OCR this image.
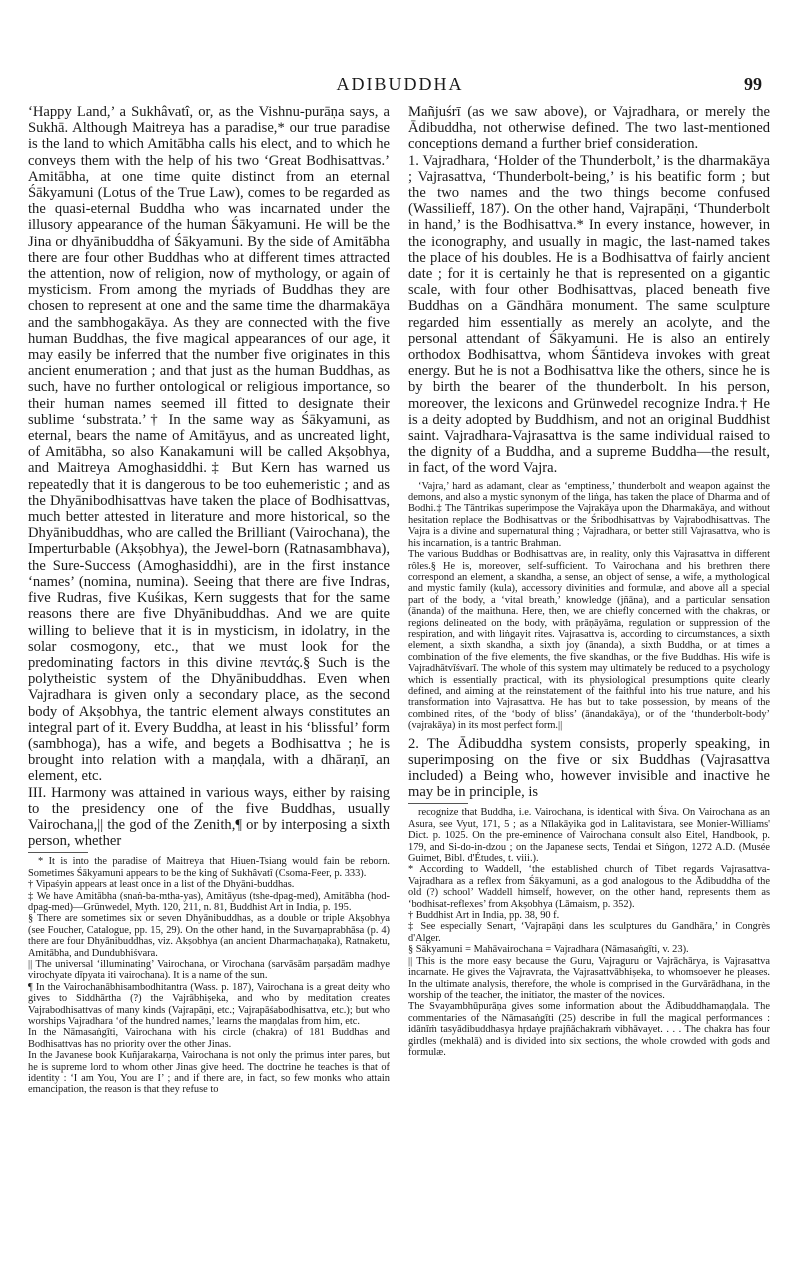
ADIBUDDHA	99

‘Happy Land,’ a Sukhâvatî, or, as the Vishnu-purāṇa says, a Sukhā. Although Maitreya has a paradise,* our true paradise is the land to which Amitābha calls his elect, and to which he conveys them with the help of his two ‘Great Bodhisattvas.’ Amitābha, at one time quite distinct from an eternal Śākyamuni (Lotus of the True Law), comes to be regarded as the quasi-eternal Buddha who was incarnated under the illusory appearance of the human Śākyamuni. He will be the Jina or dhyānibuddha of Śākyamuni. By the side of Amitābha there are four other Buddhas who at different times attracted the attention, now of religion, now of mythology, or again of mysticism. From among the myriads of Buddhas they are chosen to represent at one and the same time the dharmakāya and the sambhogakāya. As they are connected with the five human Buddhas, the five magical appearances of our age, it may easily be inferred that the number five originates in this ancient enumeration ; and that just as the human Buddhas, as such, have no further ontological or religious importance, so their human names seemed ill fitted to designate their sublime ‘substrata.’† In the same way as Śākyamuni, as eternal, bears the name of Amitāyus, and as uncreated light, of Amitābha, so also Kanakamuni will be called Akṣobhya, and Maitreya Amoghasiddhi.‡ But Kern has warned us repeatedly that it is dangerous to be too euhemeristic ; and as the Dhyānibodhisattvas have taken the place of Bodhisattvas, much better attested in literature and more historical, so the Dhyānibuddhas, who are called the Brilliant (Vairochana), the Imperturbable (Akṣobhya), the Jewel-born (Ratnasambhava), the Sure-Success (Amoghasiddhi), are in the first instance ‘names’ (nomina, numina). Seeing that there are five Indras, five Rudras, five Kuśikas, Kern suggests that for the same reasons there are five Dhyānibuddhas. And we are quite willing to believe that it is in mysticism, in idolatry, in the solar cosmogony, etc., that we must look for the predominating factors in this divine πεντάς.§ Such is the polytheistic system of the Dhyānibuddhas. Even when Vajradhara is given only a secondary place, as the second body of Akṣobhya, the tantric element always constitutes an integral part of it. Every Buddha, at least in his ‘blissful’ form (sambhoga), has a wife, and begets a Bodhisattva ; he is brought into relation with a maṇḍala, with a dhāraṇī, an element, etc.
III. Harmony was attained in various ways, either by raising to the presidency one of the five Buddhas, usually Vairochana,|| the god of the Zenith,¶ or by interposing a sixth person, whether

* It is into the paradise of Maitreya that Hiuen-Tsiang would fain be reborn. Sometimes Śākyamuni appears to be the king of Sukhâvatî (Csoma-Feer, p. 333).
† Vipaśyin appears at least once in a list of the Dhyāni-buddhas.
‡ We have Amitābha (snaṅ-ba-mtha-yas), Amitāyus (tshe-dpag-med), Amitābha (hod-dpag-med)—Grünwedel, Myth. 120, 211, n. 81, Buddhist Art in India, p. 195.
§ There are sometimes six or seven Dhyānibuddhas, as a double or triple Akṣobhya (see Foucher, Catalogue, pp. 15, 29). On the other hand, in the Suvarṇaprabhāsa (p. 4) there are four Dhyānibuddhas, viz. Akṣobhya (an ancient Dharmachaṇaka), Ratnaketu, Amitābha, and Dundubhiśvara.
|| The universal ‘illuminating’ Vairochana, or Virochana (sarvāsām parṣadām madhye virochyate dīpyata iti vairochana). It is a name of the sun.
¶ In the Vairochanābhisambodhitantra (Wass. p. 187), Vairochana is a great deity who gives to Siddhārtha (?) the Vajrābhiṣeka, and who by meditation creates Vajrabodhisattvas of many kinds (Vajrapāṇi, etc.; Vajrapāśabodhisattva, etc.); but who worships Vajradhara ‘of the hundred names,’ learns the maṇḍalas from him, etc.
In the Nāmasaṅgīti, Vairochana with his circle (chakra) of 181 Buddhas and Bodhisattvas has no priority over the other Jinas.
In the Javanese book Kuñjarakarṇa, Vairochana is not only the primus inter pares, but he is supreme lord to whom other Jinas give heed. The doctrine he teaches is that of identity : ‘I am You, You are I’ ; and if there are, in fact, so few monks who attain emancipation, the reason is that they refuse to

Mañjuśrī (as we saw above), or Vajradhara, or merely the Ādibuddha, not otherwise defined. The two last-mentioned conceptions demand a further brief consideration.
1. Vajradhara, ‘Holder of the Thunderbolt,’ is the dharmakāya ; Vajrasattva, ‘Thunderbolt-being,’ is his beatific form ; but the two names and the two things become confused (Wassilieff, 187). On the other hand, Vajrapāṇi, ‘Thunderbolt in hand,’ is the Bodhisattva.* In every instance, however, in the iconography, and usually in magic, the last-named takes the place of his doubles. He is a Bodhisattva of fairly ancient date ; for it is certainly he that is represented on a gigantic scale, with four other Bodhisattvas, placed beneath five Buddhas on a Gāndhāra monument. The same sculpture regarded him essentially as merely an acolyte, and the personal attendant of Śākyamuni. He is also an entirely orthodox Bodhisattva, whom Śāntideva invokes with great energy. But he is not a Bodhisattva like the others, since he is by birth the bearer of the thunderbolt. In his person, moreover, the lexicons and Grünwedel recognize Indra.† He is a deity adopted by Buddhism, and not an original Buddhist saint. Vajradhara-Vajrasattva is the same individual raised to the dignity of a Buddha, and a supreme Buddha—the result, in fact, of the word Vajra.

‘Vajra,’ hard as adamant, clear as ‘emptiness,’ thunderbolt and weapon against the demons, and also a mystic synonym of the liṅga, has taken the place of Dharma and of Bodhi.‡ The Tāntrikas superimpose the Vajrakāya upon the Dharmakāya, and without hesitation replace the Bodhisattvas or the Śribodhisattvas by Vajrabodhisattvas. The Vajra is a divine and supernatural thing ; Vajradhara, or better still Vajrasattva, who is his incarnation, is a tantric Brahman.
The various Buddhas or Bodhisattvas are, in reality, only this Vajrasattva in different rôles.§ He is, moreover, self-sufficient. To Vairochana and his brethren there correspond an element, a skandha, a sense, an object of sense, a wife, a mythological and mystic family (kula), accessory divinities and formulæ, and above all a special part of the body, a ‘vital breath,’ knowledge (jñāna), and a particular sensation (ānanda) of the maithuna. Here, then, we are chiefly concerned with the chakras, or regions delineated on the body, with prāṇāyāma, regulation or suppression of the respiration, and with liṅgayit rites. Vajrasattva is, according to circumstances, a sixth element, a sixth skandha, a sixth joy (ānanda), a sixth Buddha, or at times a combination of the five elements, the five skandhas, or the five Buddhas. His wife is Vajradhātvīśvarī. The whole of this system may ultimately be reduced to a psychology which is essentially practical, with its physiological presumptions quite clearly defined, and aiming at the reinstatement of the faithful into his true nature, and his transformation into Vajrasattva. He has but to take possession, by means of the combined rites, of the ‘body of bliss’ (ānandakāya), or of the ‘thunderbolt-body’ (vajrakāya) in its most perfect form.||

2. The Ādibuddha system consists, properly speaking, in superimposing on the five or six Buddhas (Vajrasattva included) a Being who, however invisible and inactive he may be in principle, is

recognize that Buddha, i.e. Vairochana, is identical with Śiva. On Vairochana as an Asura, see Vyut, 171, 5 ; as a Nīlakāyika god in Lalitavistara, see Monier-Williams' Dict. p. 1025. On the pre-eminence of Vairochana consult also Eitel, Handbook, p. 179, and Si-do-in-dzou ; on the Japanese sects, Tendai et Siṅgon, 1272 A.D. (Musée Guimet, Bibl. d'Études, t. viii.).
* According to Waddell, ‘the established church of Tibet regards Vajrasattva-Vajradhara as a reflex from Śākyamuni, as a god analogous to the Ādibuddha of the old (?) school’ Waddell himself, however, on the other hand, represents them as ‘bodhisat-reflexes’ from Akṣobhya (Lāmaism, p. 352).
† Buddhist Art in India, pp. 38, 90 f.
‡ See especially Senart, ‘Vajrapāṇi dans les sculptures du Gandhāra,’ in Congrès d'Alger.
§ Sākyamuni = Mahāvairochana = Vajradhara (Nāmasaṅgīti, v. 23).
|| This is the more easy because the Guru, Vajraguru or Vajrāchārya, is Vajrasattva incarnate. He gives the Vajravrata, the Vajrasattvābhiṣeka, to whomsoever he pleases. In the ultimate analysis, therefore, the whole is comprised in the Gurvārādhana, in the worship of the teacher, the initiator, the master of the novices.
The Svayambhūpurāṇa gives some information about the Ādibuddhamaṇḍala. The commentaries of the Nāmasaṅgīti (25) describe in full the magical performances : idānīṁ tasyādibuddhasya hṛdaye prajñāchakraṁ vibhāvayet. . . . The chakra has four girdles (mekhalā) and is divided into six sections, the whole crowded with gods and formulæ.
